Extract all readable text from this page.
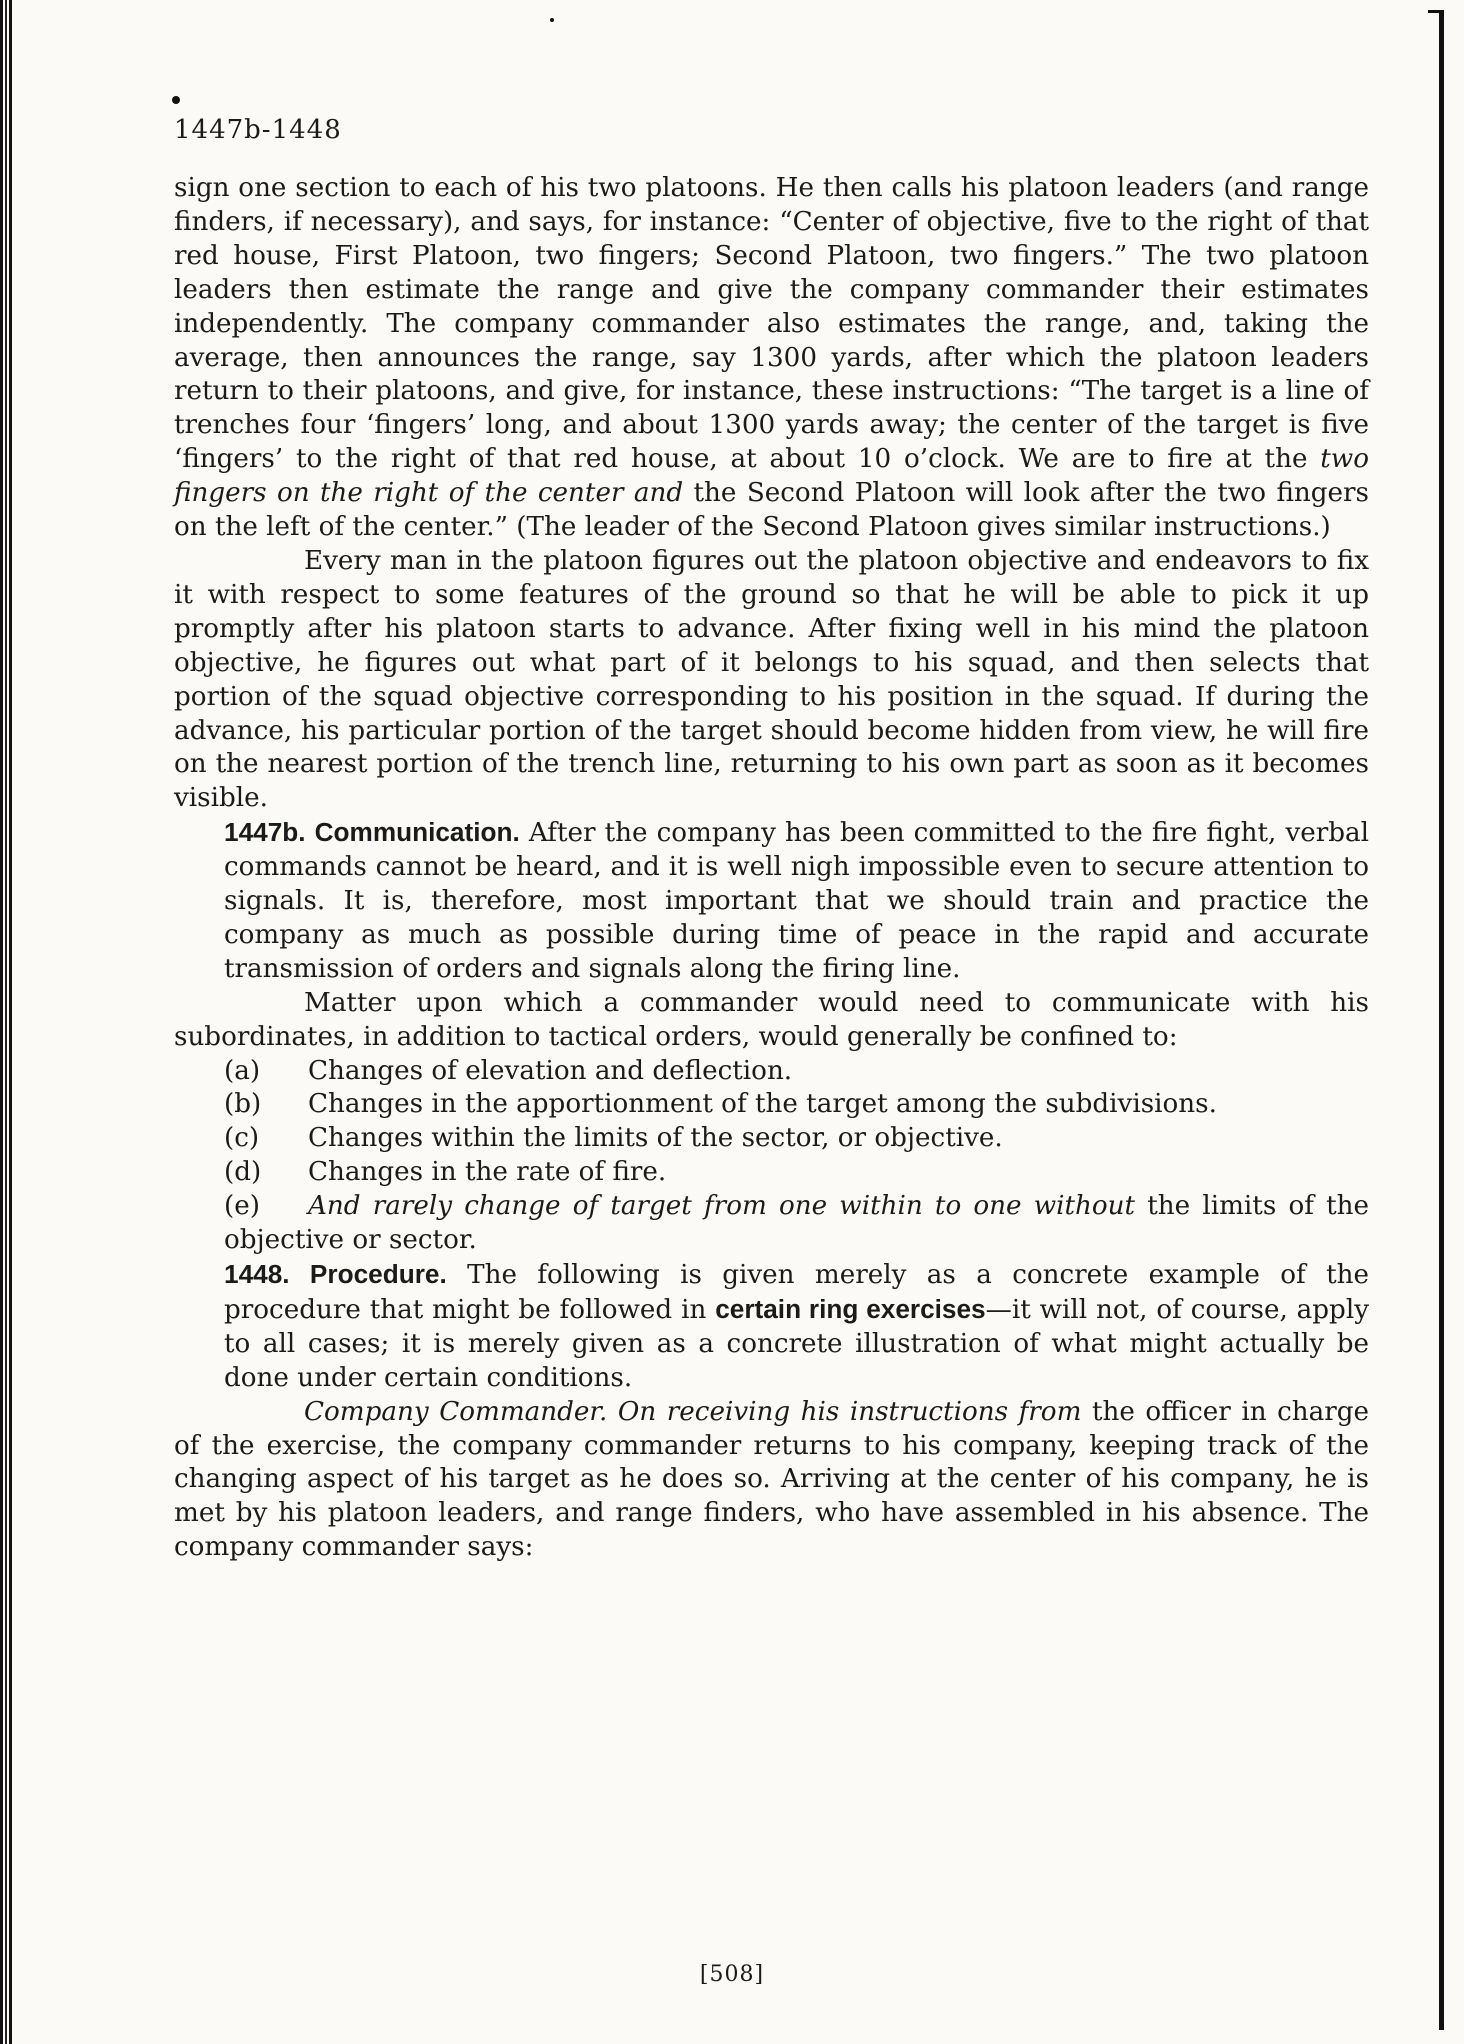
1447b-1448

sign one section to each of his two platoons. He then calls his platoon leaders (and range finders, if necessary), and says, for instance: “Center of objective, five to the right of that red house, First Platoon, two fingers; Second Platoon, two fingers.” The two platoon leaders then estimate the range and give the company commander their estimates independently. The company commander also estimates the range, and, taking the average, then announces the range, say 1300 yards, after which the platoon leaders return to their platoons, and give, for instance, these instructions: “The target is a line of trenches four ‘fingers’ long, and about 1300 yards away; the center of the target is five ‘fingers’ to the right of that red house, at about 10 o’clock. We are to fire at the two fingers on the right of the center and the Second Platoon will look after the two fingers on the left of the center.” (The leader of the Second Platoon gives similar instructions.)

Every man in the platoon figures out the platoon objective and endeavors to fix it with respect to some features of the ground so that he will be able to pick it up promptly after his platoon starts to advance. After fixing well in his mind the platoon objective, he figures out what part of it belongs to his squad, and then selects that portion of the squad objective corresponding to his position in the squad. If during the advance, his particular portion of the target should become hidden from view, he will fire on the nearest portion of the trench line, returning to his own part as soon as it becomes visible.

1447b. Communication. After the company has been committed to the fire fight, verbal commands cannot be heard, and it is well nigh impossible even to secure attention to signals. It is, therefore, most important that we should train and practice the company as much as possible during time of peace in the rapid and accurate transmission of orders and signals along the firing line.

Matter upon which a commander would need to communicate with his subordinates, in addition to tactical orders, would generally be confined to:

(a) Changes of elevation and deflection.

(b) Changes in the apportionment of the target among the subdivisions.

(c) Changes within the limits of the sector, or objective.

(d) Changes in the rate of fire.

(e) And rarely change of target from one within to one without the limits of the objective or sector.

1448. Procedure. The following is given merely as a concrete example of the procedure that might be followed in certain ring exercises—it will not, of course, apply to all cases; it is merely given as a concrete illustration of what might actually be done under certain conditions.

Company Commander. On receiving his instructions from the officer in charge of the exercise, the company commander returns to his company, keeping track of the changing aspect of his target as he does so. Arriving at the center of his company, he is met by his platoon leaders, and range finders, who have assembled in his absence. The company commander says:

[508]
